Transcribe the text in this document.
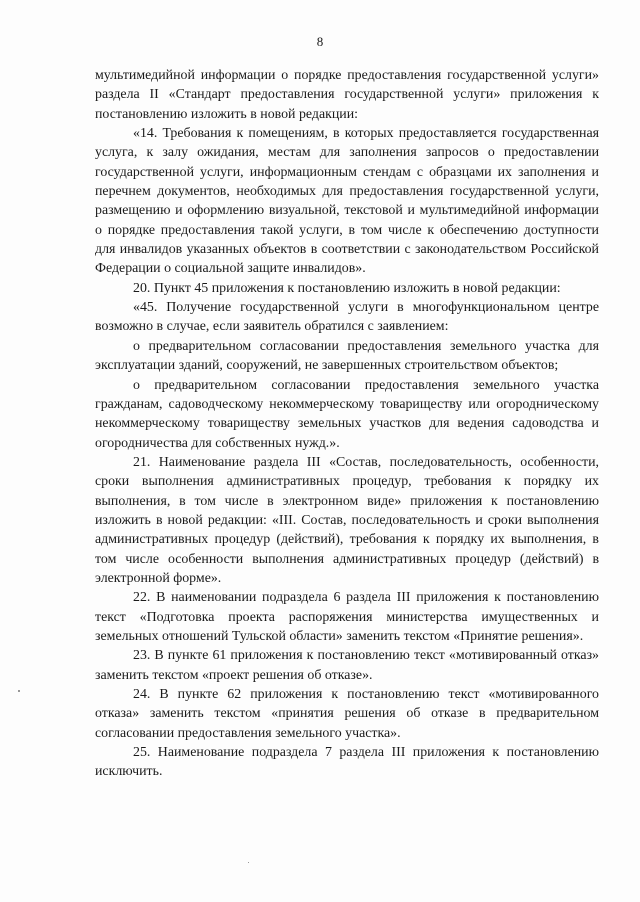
8

мультимедийной информации о порядке предоставления государственной услуги» раздела II «Стандарт предоставления государственной услуги» приложения к постановлению изложить в новой редакции:

«14. Требования к помещениям, в которых предоставляется государственная услуга, к залу ожидания, местам для заполнения запросов о предоставлении государственной услуги, информационным стендам с образцами их заполнения и перечнем документов, необходимых для предоставления государственной услуги, размещению и оформлению визуальной, текстовой и мультимедийной информации о порядке предоставления такой услуги, в том числе к обеспечению доступности для инвалидов указанных объектов в соответствии с законодательством Российской Федерации о социальной защите инвалидов».

20. Пункт 45 приложения к постановлению изложить в новой редакции:

«45. Получение государственной услуги в многофункциональном центре возможно в случае, если заявитель обратился с заявлением:

о предварительном согласовании предоставления земельного участка для эксплуатации зданий, сооружений, не завершенных строительством объектов;

о предварительном согласовании предоставления земельного участка гражданам, садоводческому некоммерческому товариществу или огородническому некоммерческому товариществу земельных участков для ведения садоводства и огородничества для собственных нужд.».

21. Наименование раздела III «Состав, последовательность, особенности, сроки выполнения административных процедур, требования к порядку их выполнения, в том числе в электронном виде» приложения к постановлению изложить в новой редакции: «III. Состав, последовательность и сроки выполнения административных процедур (действий), требования к порядку их выполнения, в том числе особенности выполнения административных процедур (действий) в электронной форме».

22. В наименовании подраздела 6 раздела III приложения к постановлению текст «Подготовка проекта распоряжения министерства имущественных и земельных отношений Тульской области» заменить текстом «Принятие решения».

23. В пункте 61 приложения к постановлению текст «мотивированный отказ» заменить текстом «проект решения об отказе».

24. В пункте 62 приложения к постановлению текст «мотивированного отказа» заменить текстом «принятия решения об отказе в предварительном согласовании предоставления земельного участка».

25. Наименование подраздела 7 раздела III приложения к постановлению исключить.
